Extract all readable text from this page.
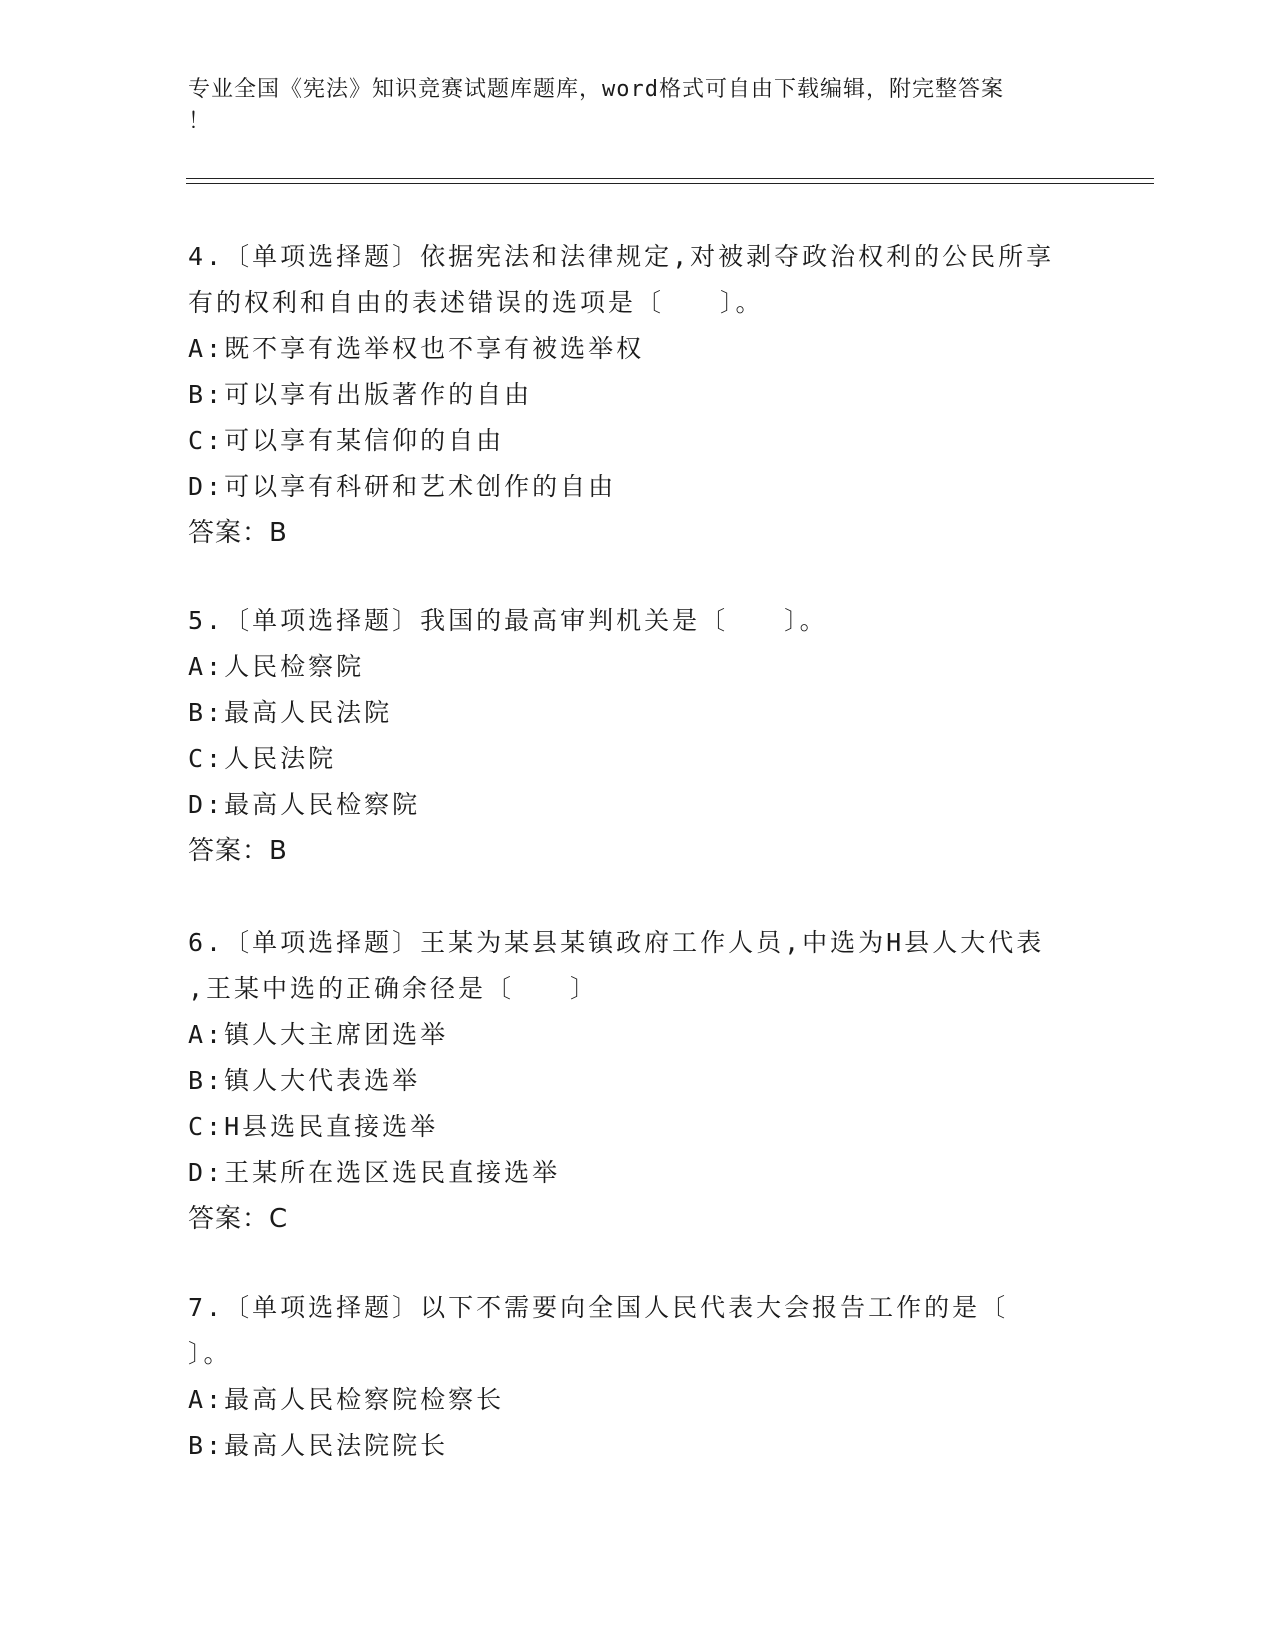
专业全国《宪法》知识竞赛试题库题库，word格式可自由下载编辑，附完整答案
！

4.〔单项选择题〕依据宪法和法律规定,对被剥夺政治权利的公民所享

有的权利和自由的表述错误的选项是〔　　〕。

A:既不享有选举权也不享有被选举权

B:可以享有出版著作的自由

C:可以享有某信仰的自由

D:可以享有科研和艺术创作的自由

答案：B

5.〔单项选择题〕我国的最高审判机关是〔　　〕。

A:人民检察院

B:最高人民法院

C:人民法院

D:最高人民检察院

答案：B

6.〔单项选择题〕王某为某县某镇政府工作人员,中选为H县人大代表

,王某中选的正确余径是〔　　〕

A:镇人大主席团选举

B:镇人大代表选举

C:H县选民直接选举

D:王某所在选区选民直接选举

答案：C

7.〔单项选择题〕以下不需要向全国人民代表大会报告工作的是〔

〕。

A:最高人民检察院检察长

B:最高人民法院院长
